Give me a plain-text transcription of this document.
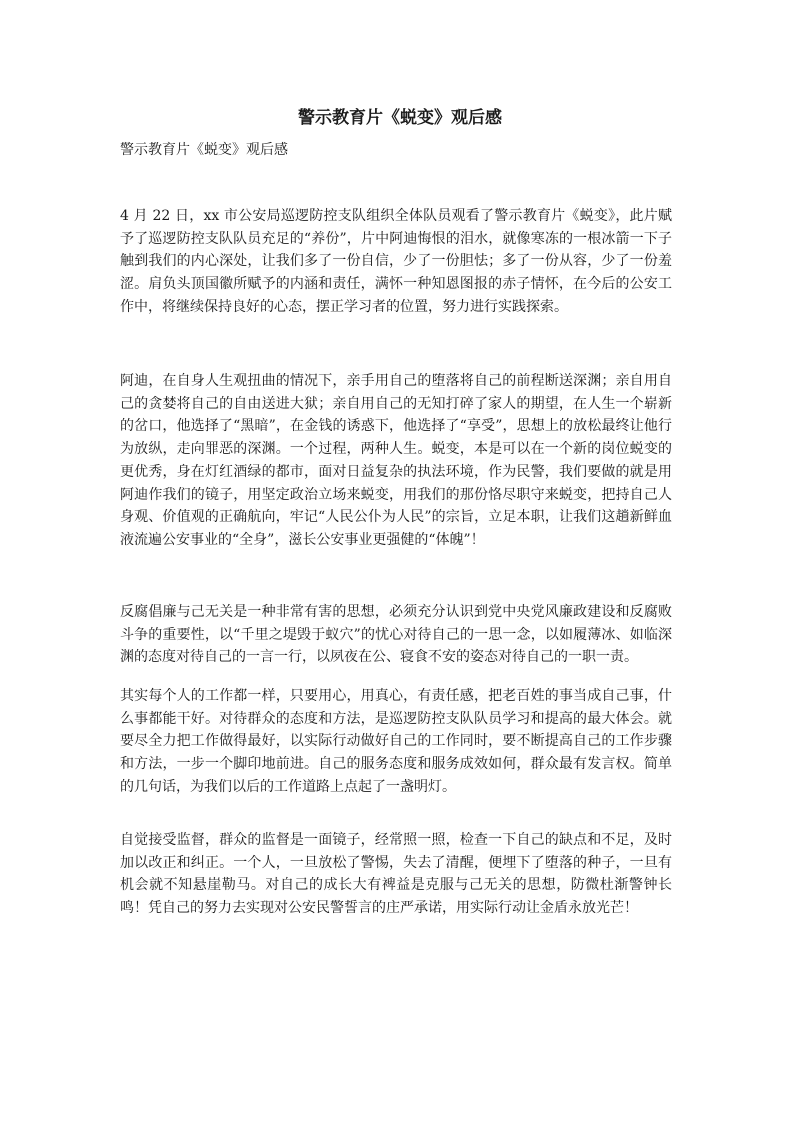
警示教育片《蜕变》观后感

警示教育片《蜕变》观后感

4 月 22 日，xx 市公安局巡逻防控支队组织全体队员观看了警示教育片《蜕变》，此片赋予了巡逻防控支队队员充足的“养份”，片中阿迪悔恨的泪水，就像寒冻的一根冰箭一下子触到我们的内心深处，让我们多了一份自信，少了一份胆怯；多了一份从容，少了一份羞涩。肩负头顶国徽所赋予的内涵和责任，满怀一种知恩图报的赤子情怀，在今后的公安工作中，将继续保持良好的心态，摆正学习者的位置，努力进行实践探索。

阿迪，在自身人生观扭曲的情况下，亲手用自己的堕落将自己的前程断送深渊；亲自用自己的贪婪将自己的自由送进大狱；亲自用自己的无知打碎了家人的期望，在人生一个崭新的岔口，他选择了“黑暗”，在金钱的诱惑下，他选择了“享受”，思想上的放松最终让他行为放纵，走向罪恶的深渊。一个过程，两种人生。蜕变，本是可以在一个新的岗位蜕变的更优秀，身在灯红酒绿的都市，面对日益复杂的执法环境，作为民警，我们要做的就是用阿迪作我们的镜子，用坚定政治立场来蜕变，用我们的那份恪尽职守来蜕变，把持自己人身观、价值观的正确航向，牢记“人民公仆为人民”的宗旨，立足本职，让我们这趟新鲜血液流遍公安事业的“全身”，滋长公安事业更强健的“体魄”！

反腐倡廉与己无关是一种非常有害的思想，必须充分认识到党中央党风廉政建设和反腐败斗争的重要性，以“千里之堤毁于蚁穴”的忧心对待自己的一思一念，以如履薄冰、如临深渊的态度对待自己的一言一行，以夙夜在公、寝食不安的姿态对待自己的一职一责。

其实每个人的工作都一样，只要用心，用真心，有责任感，把老百姓的事当成自己事，什么事都能干好。对待群众的态度和方法，是巡逻防控支队队员学习和提高的最大体会。就要尽全力把工作做得最好，以实际行动做好自己的工作同时，要不断提高自己的工作步骤和方法，一步一个脚印地前进。自己的服务态度和服务成效如何，群众最有发言权。简单的几句话，为我们以后的工作道路上点起了一盏明灯。

自觉接受监督，群众的监督是一面镜子，经常照一照，检查一下自己的缺点和不足，及时加以改正和纠正。一个人，一旦放松了警惕，失去了清醒，便埋下了堕落的种子，一旦有机会就不知悬崖勒马。对自己的成长大有裨益是克服与己无关的思想，防微杜渐警钟长鸣！凭自己的努力去实现对公安民警誓言的庄严承诺，用实际行动让金盾永放光芒！
